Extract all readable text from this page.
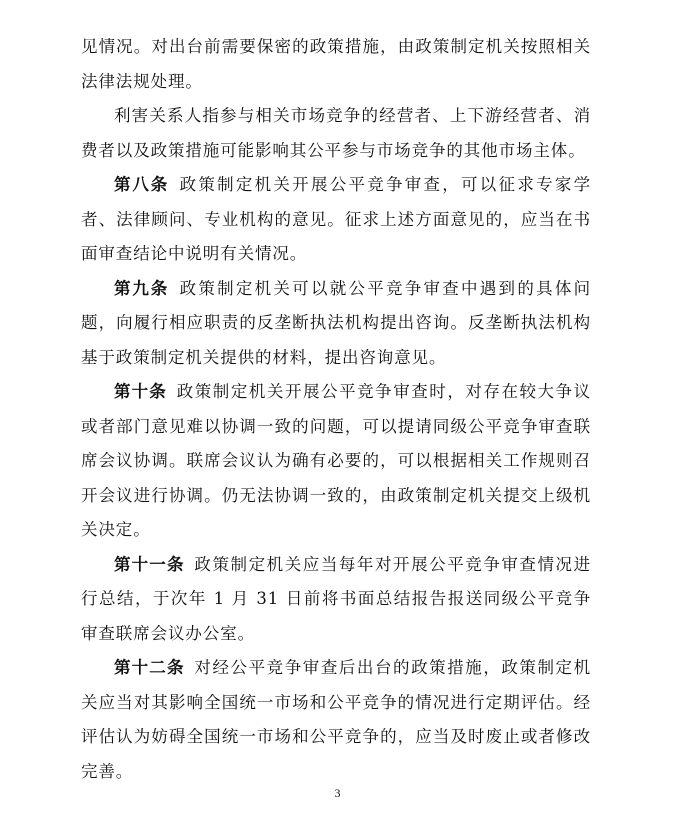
见情况。对出台前需要保密的政策措施，由政策制定机关按照相关法律法规处理。

利害关系人指参与相关市场竞争的经营者、上下游经营者、消费者以及政策措施可能影响其公平参与市场竞争的其他市场主体。

第八条  政策制定机关开展公平竞争审查，可以征求专家学者、法律顾问、专业机构的意见。征求上述方面意见的，应当在书面审查结论中说明有关情况。

第九条  政策制定机关可以就公平竞争审查中遇到的具体问题，向履行相应职责的反垄断执法机构提出咨询。反垄断执法机构基于政策制定机关提供的材料，提出咨询意见。

第十条  政策制定机关开展公平竞争审查时，对存在较大争议或者部门意见难以协调一致的问题，可以提请同级公平竞争审查联席会议协调。联席会议认为确有必要的，可以根据相关工作规则召开会议进行协调。仍无法协调一致的，由政策制定机关提交上级机关决定。

第十一条  政策制定机关应当每年对开展公平竞争审查情况进行总结，于次年 1 月 31 日前将书面总结报告报送同级公平竞争审查联席会议办公室。

第十二条  对经公平竞争审查后出台的政策措施，政策制定机关应当对其影响全国统一市场和公平竞争的情况进行定期评估。经评估认为妨碍全国统一市场和公平竞争的，应当及时废止或者修改完善。

3
